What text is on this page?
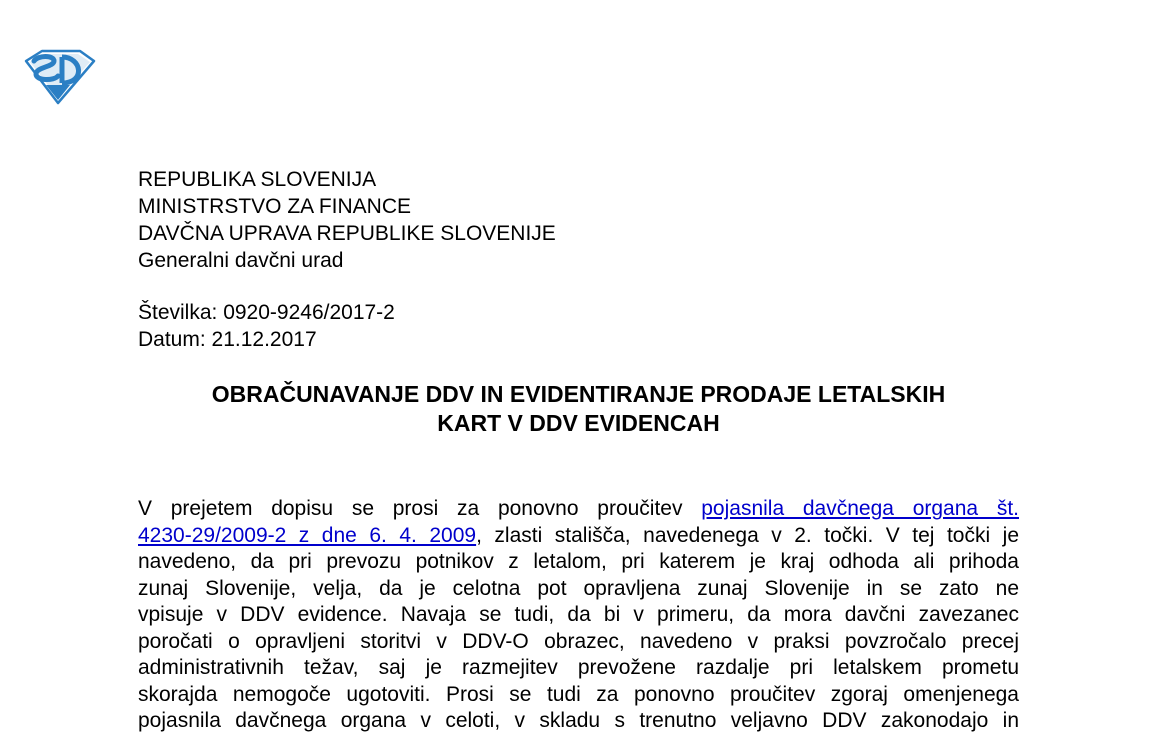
REPUBLIKA SLOVENIJA
MINISTRSTVO ZA FINANCE
DAVČNA UPRAVA REPUBLIKE SLOVENIJE
Generalni davčni urad
Številka: 0920-9246/2017-2
Datum: 21.12.2017
OBRAČUNAVANJE DDV IN EVIDENTIRANJE PRODAJE LETALSKIH
KART V DDV EVIDENCAH
V prejetem dopisu se prosi za ponovno proučitev pojasnila davčnega organa št.
4230-29/2009-2 z dne 6. 4. 2009, zlasti stališča, navedenega v 2. točki. V tej točki je
navedeno, da pri prevozu potnikov z letalom, pri katerem je kraj odhoda ali prihoda
zunaj Slovenije, velja, da je celotna pot opravljena zunaj Slovenije in se zato ne
vpisuje v DDV evidence. Navaja se tudi, da bi v primeru, da mora davčni zavezanec
poročati o opravljeni storitvi v DDV-O obrazec, navedeno v praksi povzročalo precej
administrativnih težav, saj je razmejitev prevožene razdalje pri letalskem prometu
skorajda nemogoče ugotoviti. Prosi se tudi za ponovno proučitev zgoraj omenjenega
pojasnila davčnega organa v celoti, v skladu s trenutno veljavno DDV zakonodajo in
